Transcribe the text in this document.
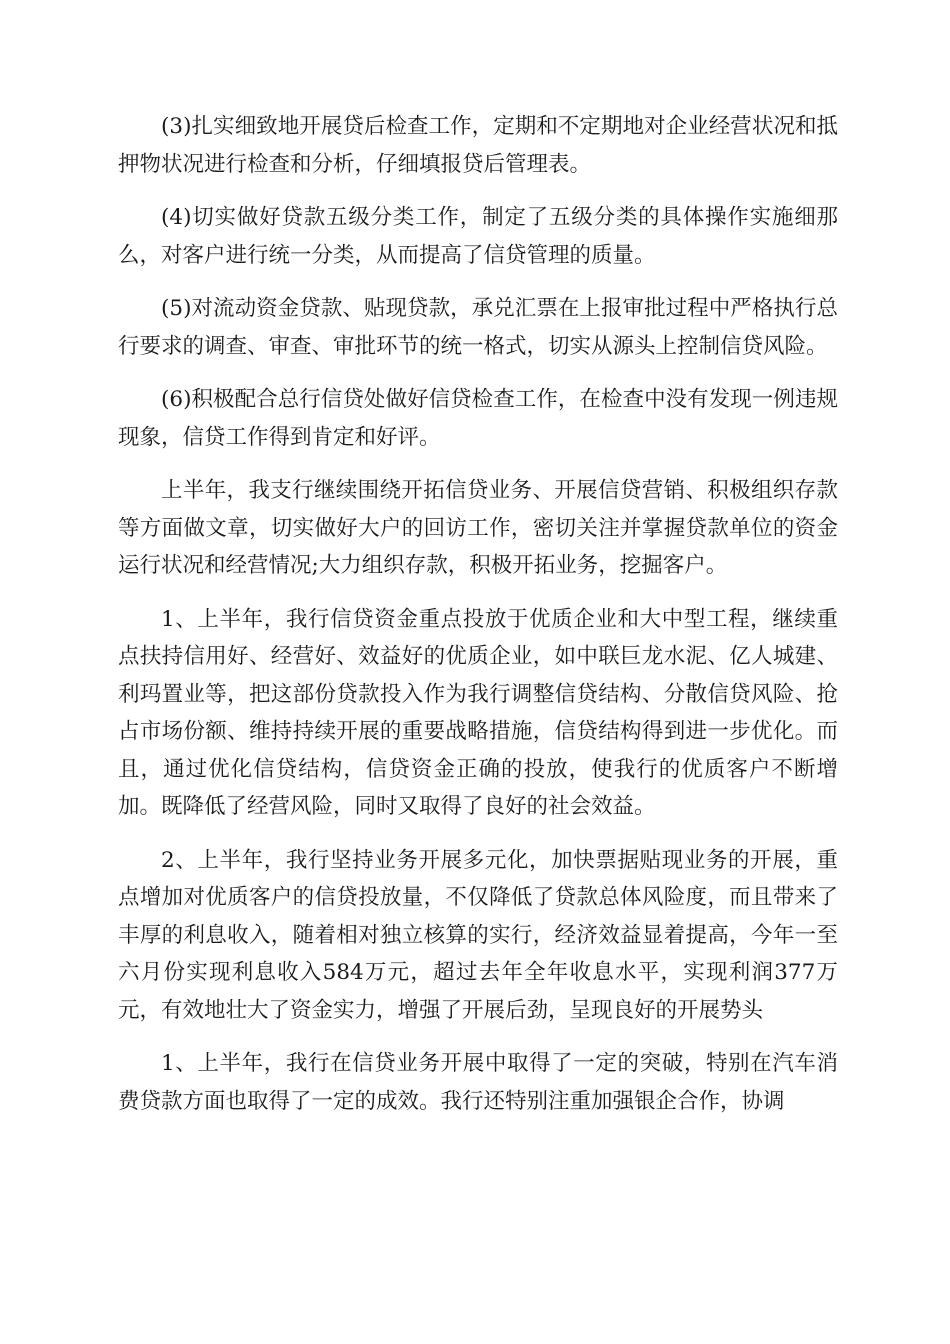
(3)扎实细致地开展贷后检查工作，定期和不定期地对企业经营状况和抵押物状况进行检查和分析，仔细填报贷后管理表。

(4)切实做好贷款五级分类工作，制定了五级分类的具体操作实施细那么，对客户进行统一分类，从而提高了信贷管理的质量。

(5)对流动资金贷款、贴现贷款，承兑汇票在上报审批过程中严格执行总行要求的调查、审查、审批环节的统一格式，切实从源头上控制信贷风险。

(6)积极配合总行信贷处做好信贷检查工作，在检查中没有发现一例违规现象，信贷工作得到肯定和好评。

上半年，我支行继续围绕开拓信贷业务、开展信贷营销、积极组织存款等方面做文章，切实做好大户的回访工作，密切关注并掌握贷款单位的资金运行状况和经营情况;大力组织存款，积极开拓业务，挖掘客户。

1、上半年，我行信贷资金重点投放于优质企业和大中型工程，继续重点扶持信用好、经营好、效益好的优质企业，如中联巨龙水泥、亿人城建、利玛置业等，把这部份贷款投入作为我行调整信贷结构、分散信贷风险、抢占市场份额、维持持续开展的重要战略措施，信贷结构得到进一步优化。而且，通过优化信贷结构，信贷资金正确的投放，使我行的优质客户不断增加。既降低了经营风险，同时又取得了良好的社会效益。

2、上半年，我行坚持业务开展多元化，加快票据贴现业务的开展，重点增加对优质客户的信贷投放量，不仅降低了贷款总体风险度，而且带来了丰厚的利息收入，随着相对独立核算的实行，经济效益显着提高，今年一至六月份实现利息收入584万元，超过去年全年收息水平，实现利润377万元，有效地壮大了资金实力，增强了开展后劲，呈现良好的开展势头

1、上半年，我行在信贷业务开展中取得了一定的突破，特别在汽车消费贷款方面也取得了一定的成效。我行还特别注重加强银企合作，协调
